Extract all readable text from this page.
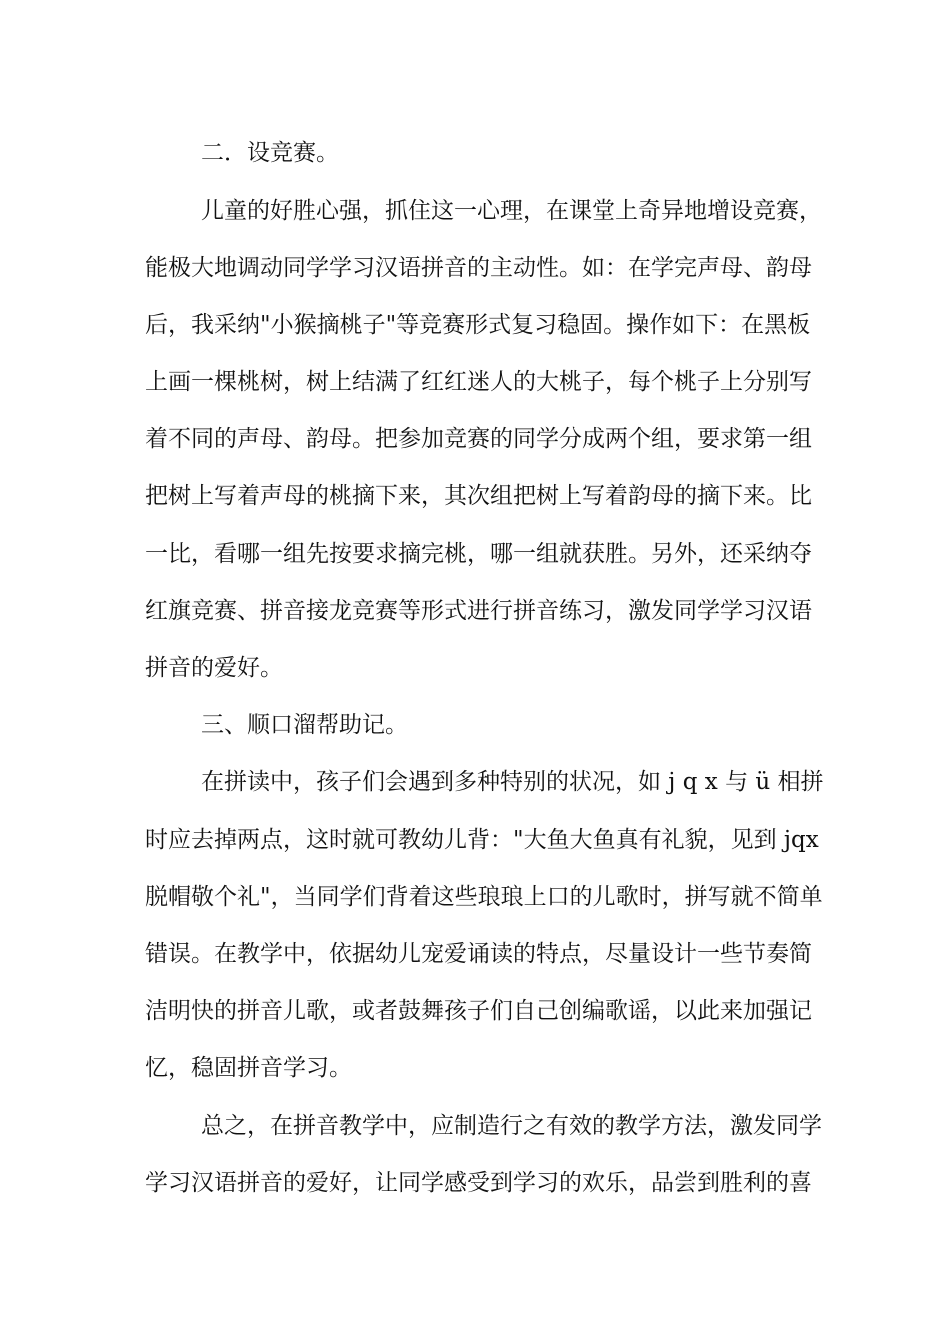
二．设竞赛。
儿童的好胜心强，抓住这一心理，在课堂上奇异地增设竞赛，
能极大地调动同学学习汉语拼音的主动性。如：在学完声母、韵母
后，我采纳"小猴摘桃子"等竞赛形式复习稳固。操作如下：在黑板
上画一棵桃树，树上结满了红红迷人的大桃子，每个桃子上分别写
着不同的声母、韵母。把参加竞赛的同学分成两个组，要求第一组
把树上写着声母的桃摘下来，其次组把树上写着韵母的摘下来。比
一比，看哪一组先按要求摘完桃，哪一组就获胜。另外，还采纳夺
红旗竞赛、拼音接龙竞赛等形式进行拼音练习，激发同学学习汉语
拼音的爱好。
三、顺口溜帮助记。
在拼读中，孩子们会遇到多种特别的状况，如 j q x 与 ü 相拼
时应去掉两点，这时就可教幼儿背："大鱼大鱼真有礼貌，见到 jqx
脱帽敬个礼"，当同学们背着这些琅琅上口的儿歌时，拼写就不简单
错误。在教学中，依据幼儿宠爱诵读的特点，尽量设计一些节奏简
洁明快的拼音儿歌，或者鼓舞孩子们自己创编歌谣，以此来加强记
忆，稳固拼音学习。
总之，在拼音教学中，应制造行之有效的教学方法，激发同学
学习汉语拼音的爱好，让同学感受到学习的欢乐，品尝到胜利的喜
